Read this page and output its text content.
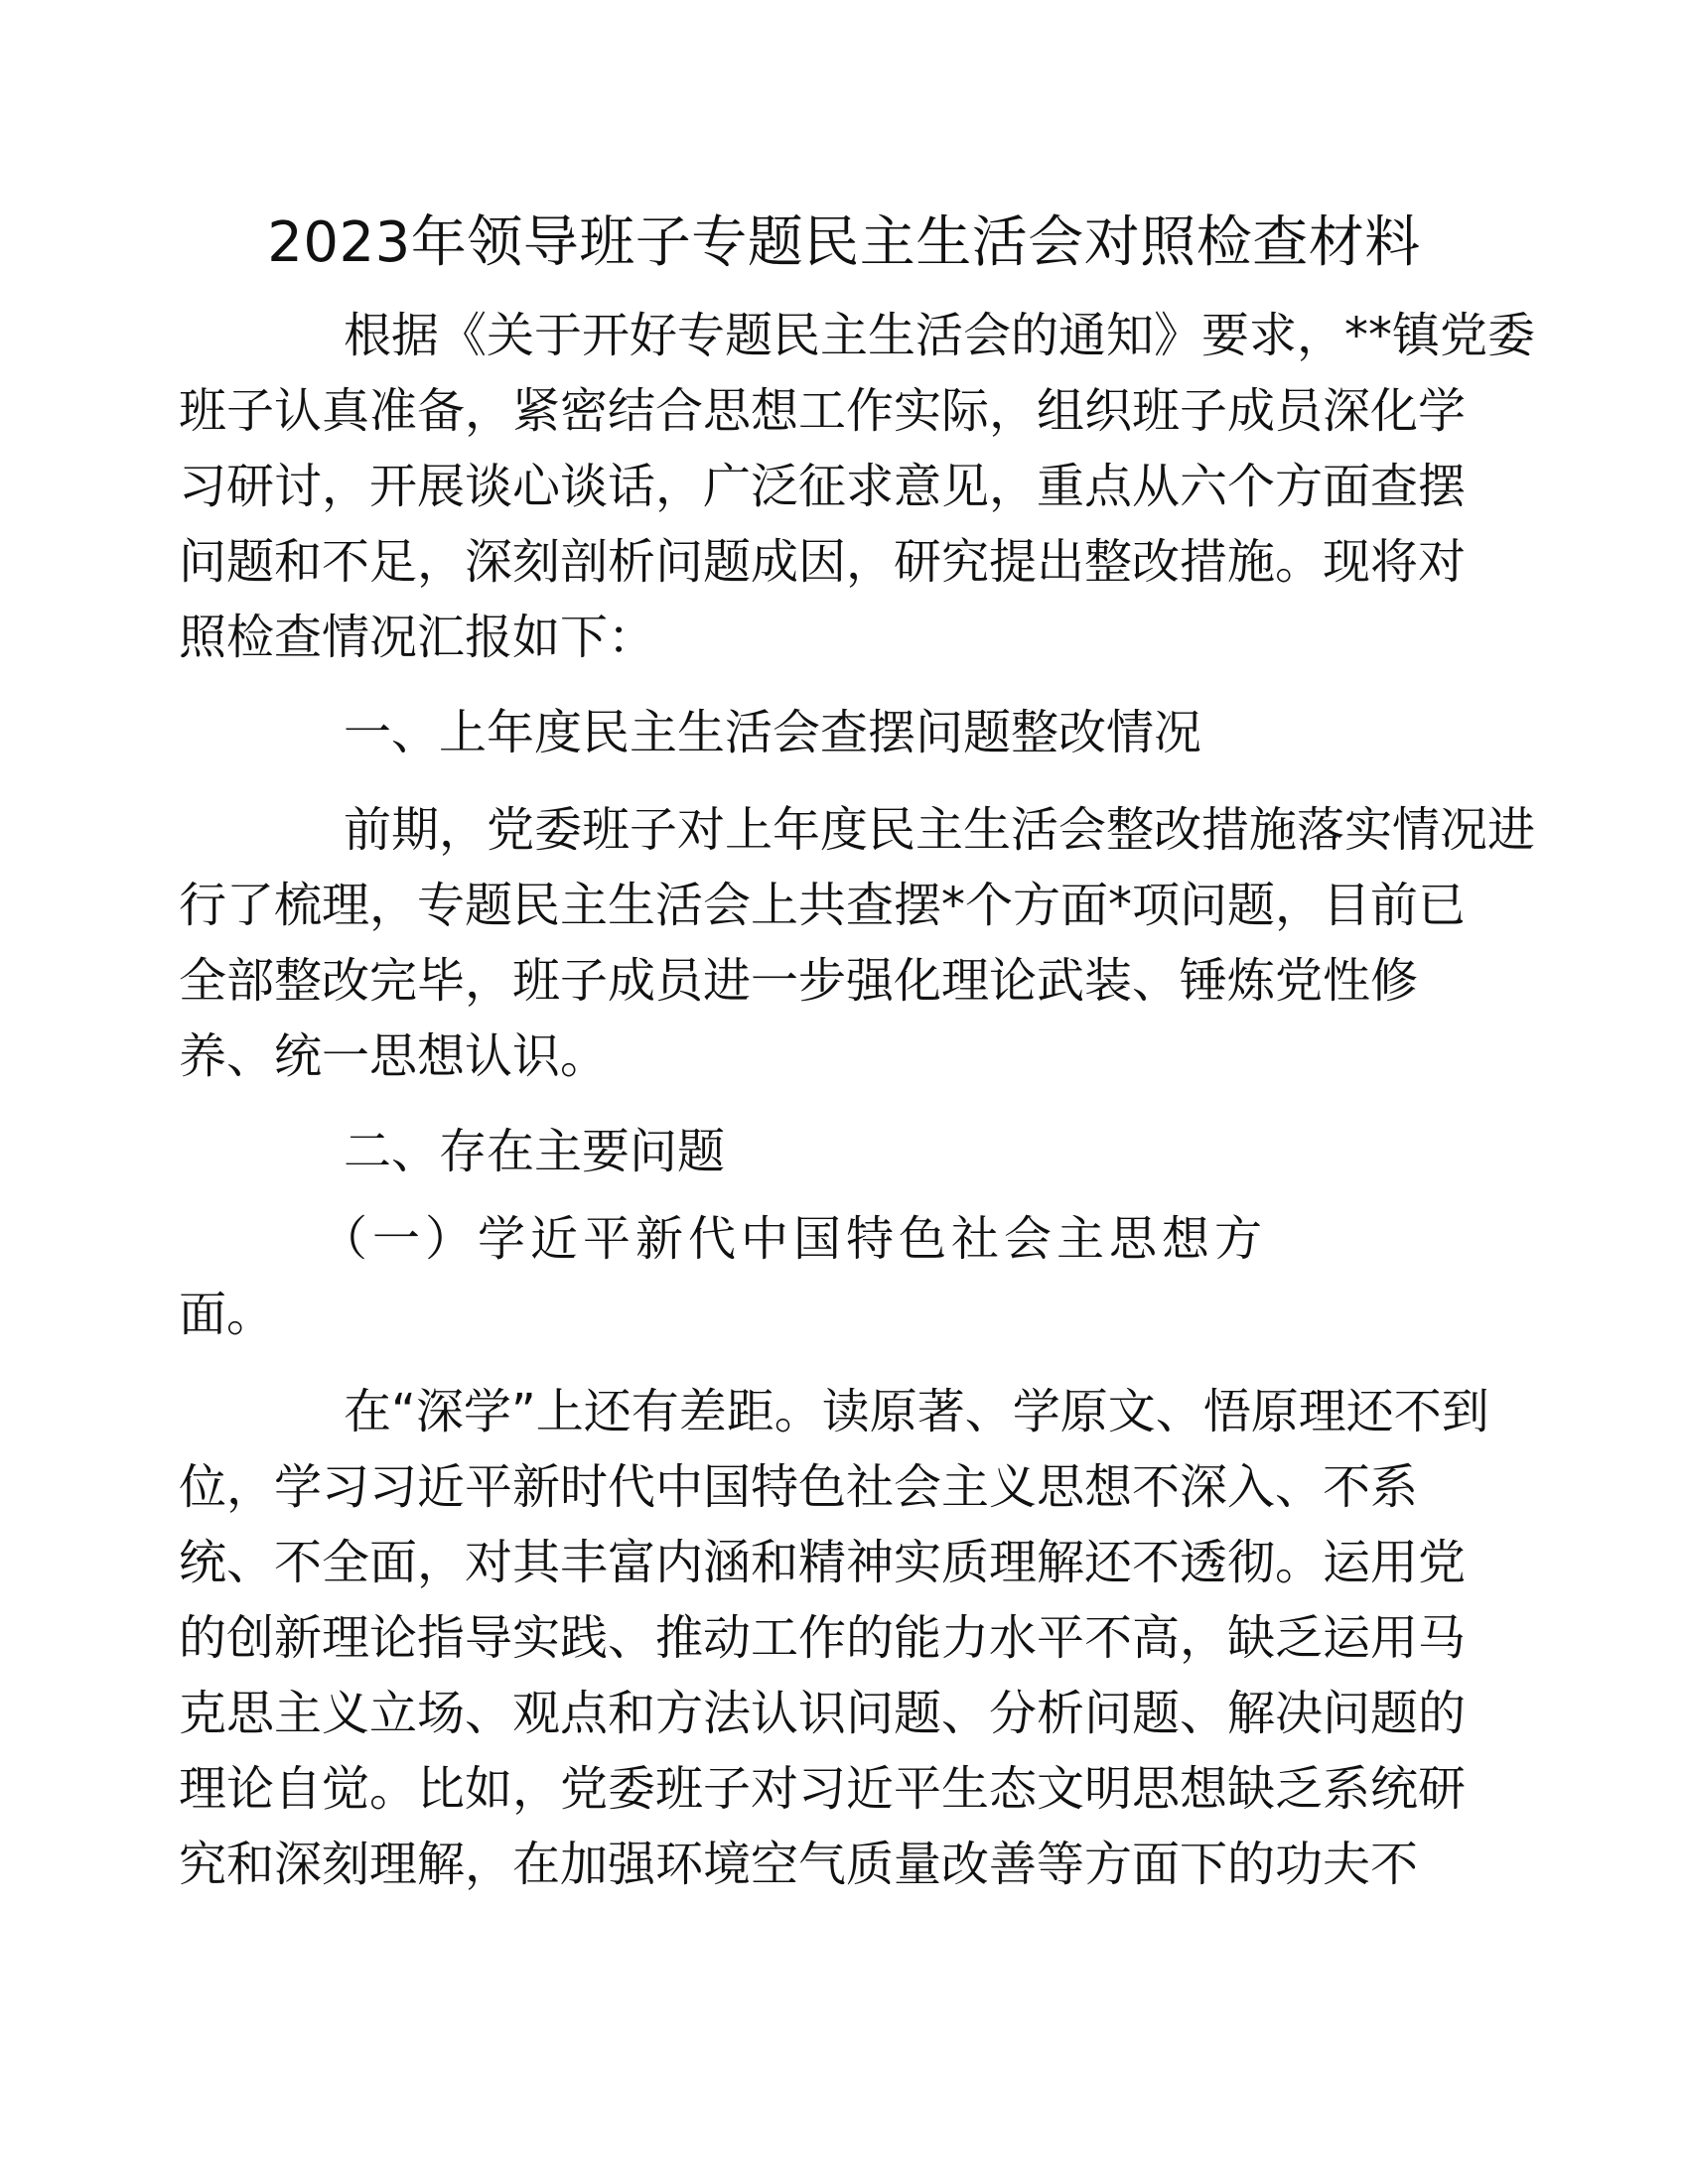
2023年领导班子专题民主生活会对照检查材料

根据《关于开好专题民主生活会的通知》要求，**镇党委
班子认真准备，紧密结合思想工作实际，组织班子成员深化学
习研讨，开展谈心谈话，广泛征求意见，重点从六个方面查摆
问题和不足，深刻剖析问题成因，研究提出整改措施。现将对
照检查情况汇报如下：

一、上年度民主生活会查摆问题整改情况

前期，党委班子对上年度民主生活会整改措施落实情况进
行了梳理，专题民主生活会上共查摆*个方面*项问题，目前已
全部整改完毕，班子成员进一步强化理论武装、锤炼党性修
养、统一思想认识。

二、存在主要问题

（一）学近平新代中国特色社会主思想方
面。

在“深学”上还有差距。读原著、学原文、悟原理还不到
位，学习习近平新时代中国特色社会主义思想不深入、不系
统、不全面，对其丰富内涵和精神实质理解还不透彻。运用党
的创新理论指导实践、推动工作的能力水平不高，缺乏运用马
克思主义立场、观点和方法认识问题、分析问题、解决问题的
理论自觉。比如，党委班子对习近平生态文明思想缺乏系统研
究和深刻理解，在加强环境空气质量改善等方面下的功夫不
